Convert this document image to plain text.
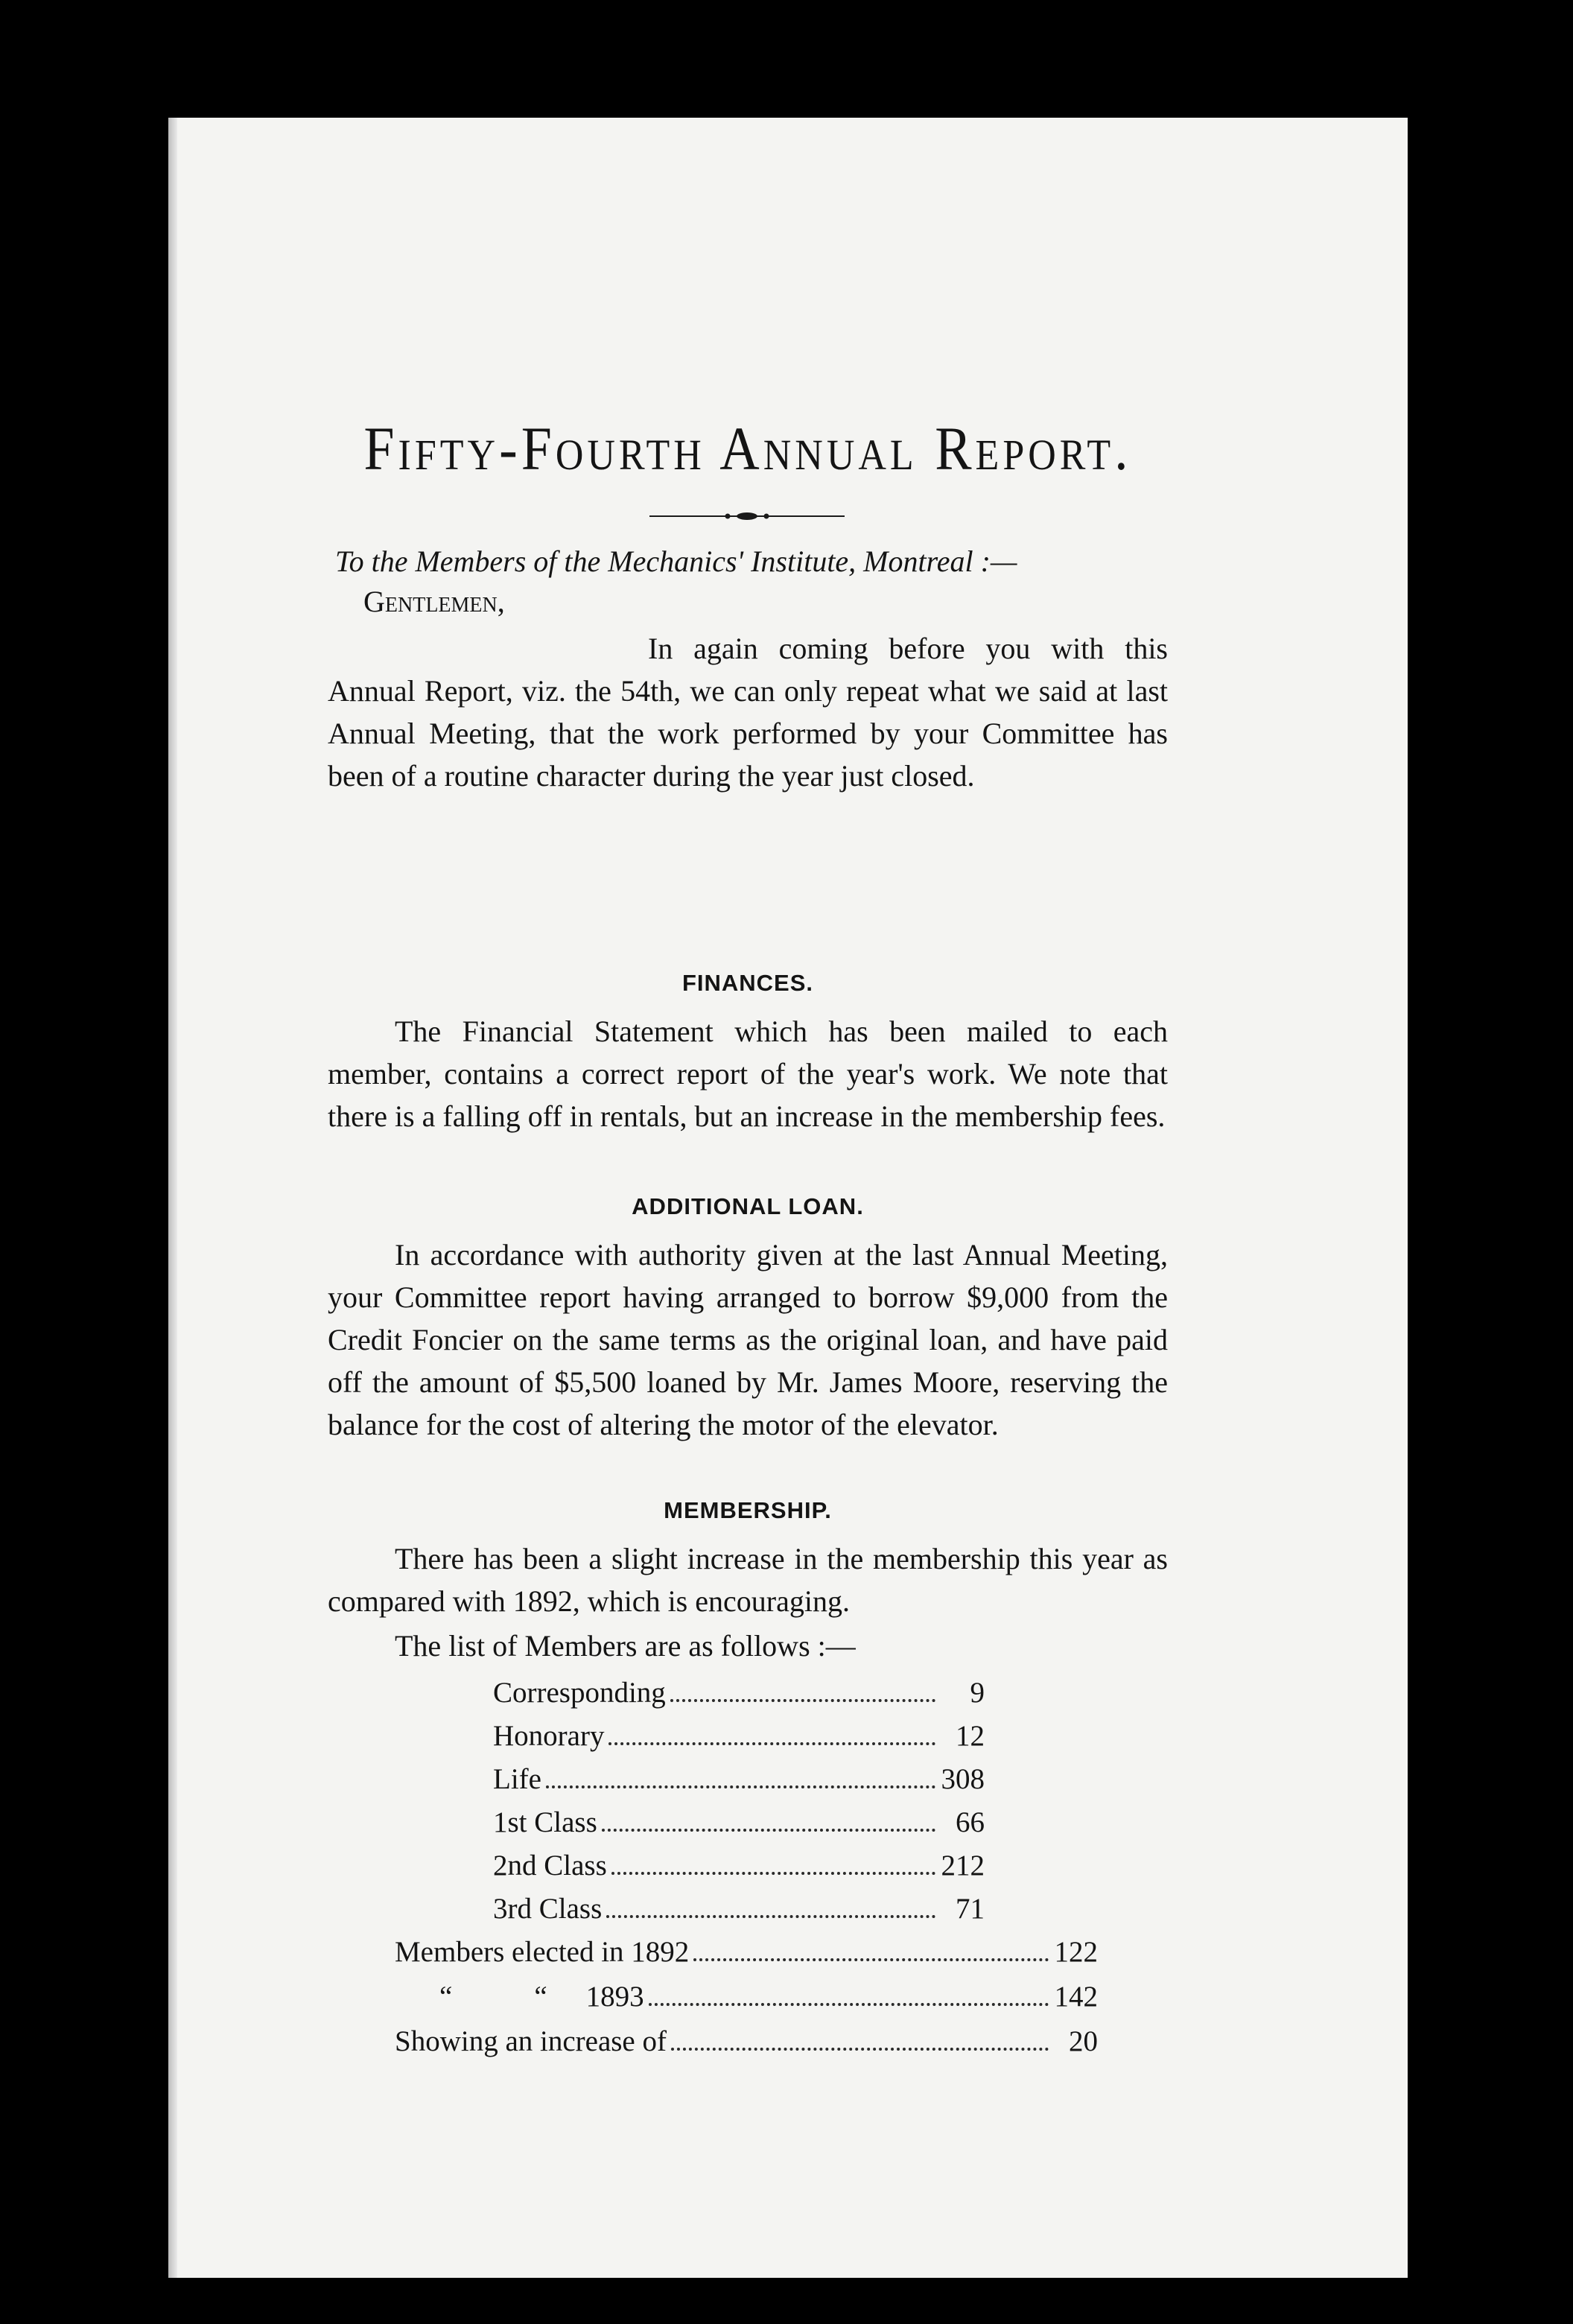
Fifty-Fourth Annual Report.

To the Members of the Mechanics' Institute, Montreal :—

Gentlemen,

In again coming before you with this Annual Report, viz. the 54th, we can only repeat what we said at last Annual Meeting, that the work performed by your Committee has been of a routine character during the year just closed.

FINANCES.

The Financial Statement which has been mailed to each member, contains a correct report of the year's work. We note that there is a falling off in rentals, but an increase in the membership fees.

ADDITIONAL LOAN.

In accordance with authority given at the last Annual Meeting, your Committee report having arranged to borrow $9,000 from the Credit Foncier on the same terms as the original loan, and have paid off the amount of $5,500 loaned by Mr. James Moore, reserving the balance for the cost of altering the motor of the elevator.

MEMBERSHIP.

There has been a slight increase in the membership this year as compared with 1892, which is encouraging.

The list of Members are as follows :—

Corresponding	9
Honorary	12
Life	308
1st Class	66
2nd Class	212
3rd Class	71
Members elected in 1892	122
“	“ 1893	142
Showing an increase of	20
